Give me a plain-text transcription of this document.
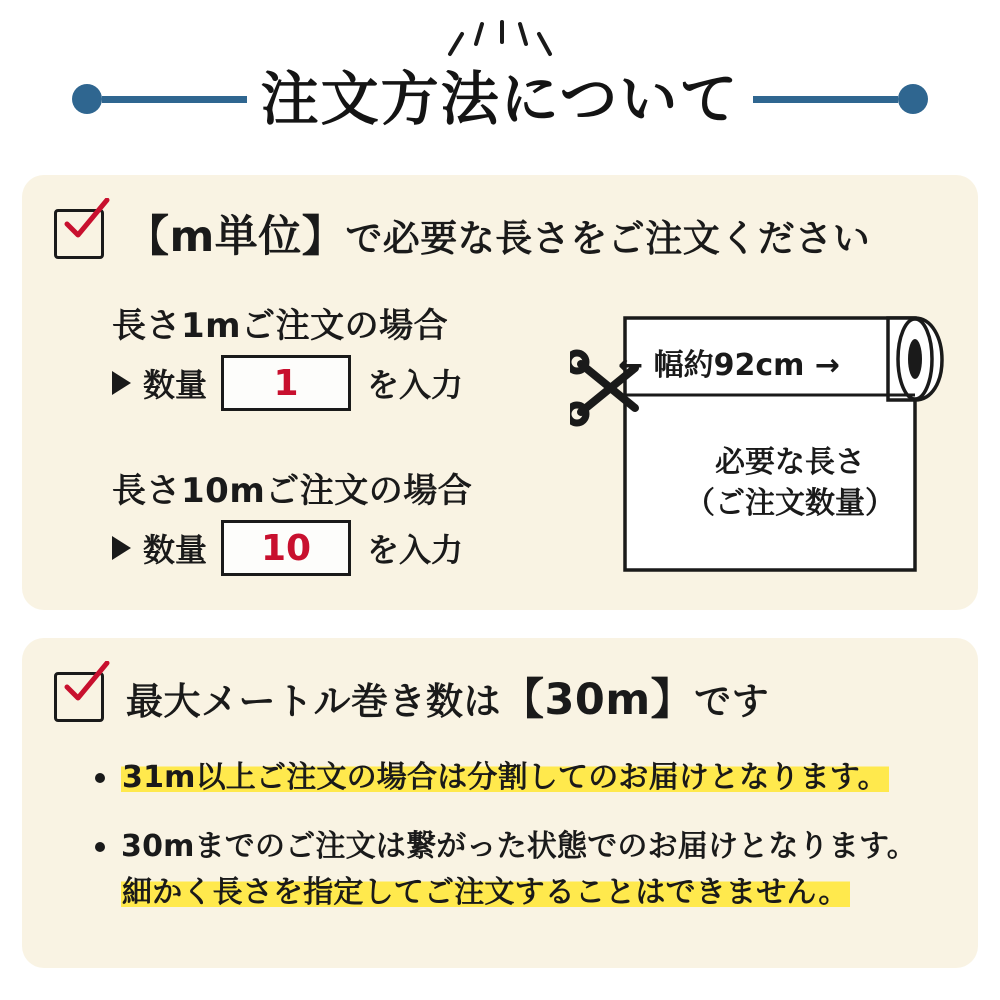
注文方法について
【m単位】で必要な長さをご注文ください
長さ1mご注文の場合
数量	1	を入力
長さ10mご注文の場合
数量	10	を入力
← 幅約92cm →
必要な長さ
（ご注文数量）
最大メートル巻き数は【30m】です
31m以上ご注文の場合は分割してのお届けとなります。
30mまでのご注文は繋がった状態でのお届けとなります。
細かく長さを指定してご注文することはできません。
